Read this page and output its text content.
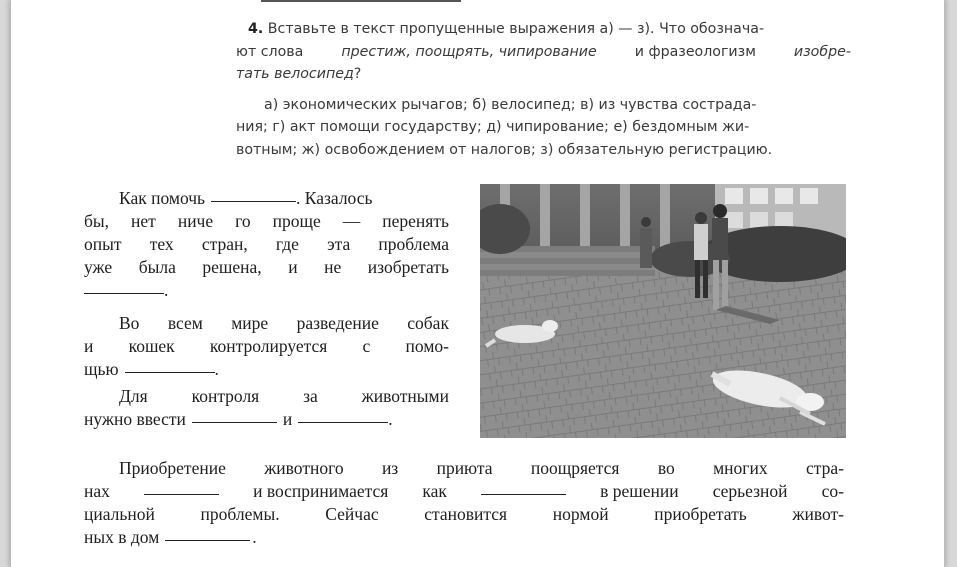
4. Вставьте в текст пропущенные выражения а) — з). Что обознача-
ют слова	престиж, поощрять, чипирование	и фразеологизм	изобре-
тать велосипед?
а) экономических рычагов; б) велосипед; в) из чувства сострада-
ния; г) акт помощи государству; д) чипирование; е) бездомным жи-
вотным; ж) освобождением от налогов; з) обязательную регистрацию.
Как помочь	. Казалось
бы, нет ниче го проще — перенять
опыт тех стран, где эта проблема
уже была решена, и не изобретать
.
Во всем мире разведение собак
и кошек контролируется с помо-
щью	.
Для	контроля	за	животными
нужно ввести	и	.
Приобретение животного из приюта поощряется во многих стра-
нах	и воспринимается как	в решении серьезной со-
циальной	проблемы.	Сейчас	становится	нормой	приобретать	живот-
ных в дом	.
